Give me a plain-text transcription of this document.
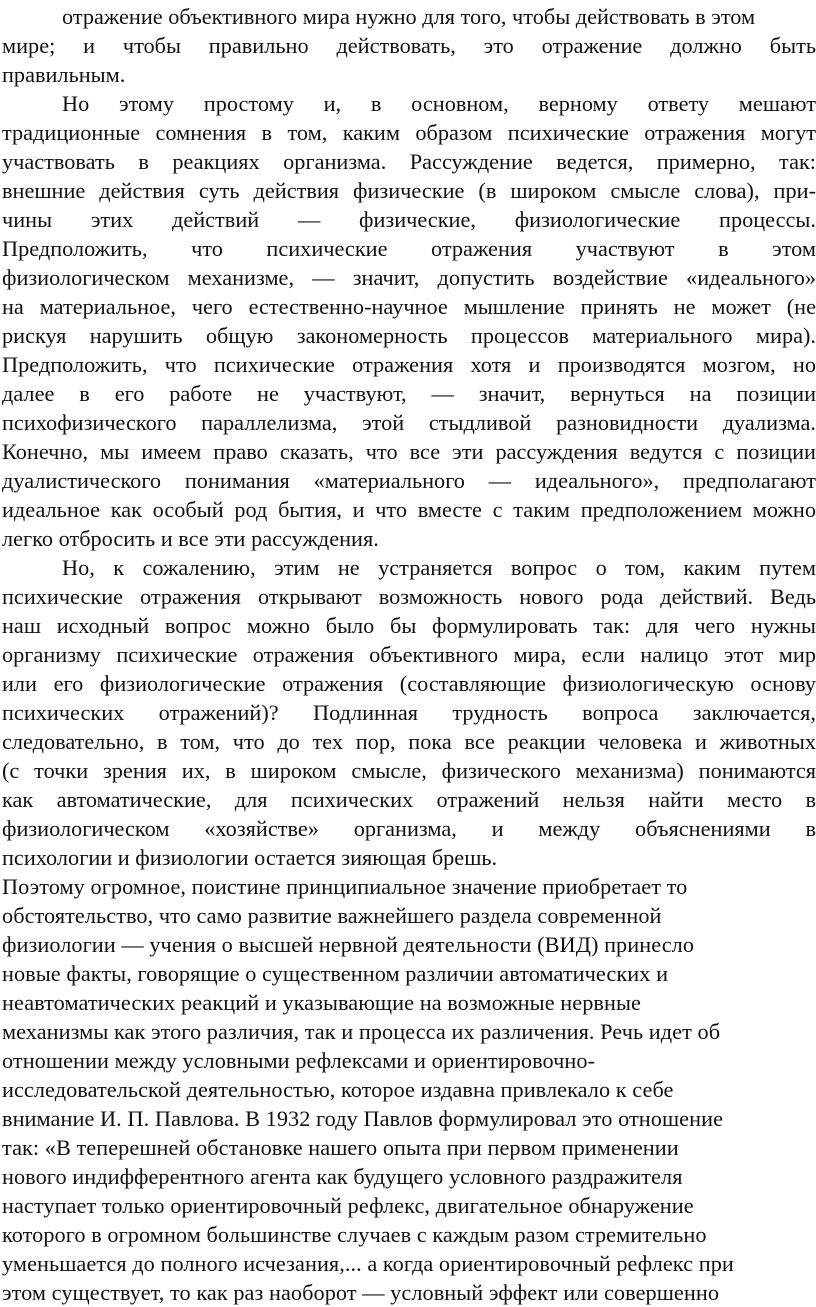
отражение объективного мира нужно для того, чтобы действовать в этом
мире; и чтобы правильно действовать, это отражение должно быть
правильным.
Но этому простому и, в основном, верному ответу мешают
традиционные сомнения в том, каким образом психические отражения могут
участвовать в реакциях организма. Рассуждение ведется, примерно, так:
внешние действия суть действия физические (в широком смысле слова), при-
чины этих действий — физические, физиологические процессы.
Предположить, что психические отражения участвуют в этом
физиологическом механизме, — значит, допустить воздействие «идеального»
на материальное, чего естественно-научное мышление принять не может (не
рискуя нарушить общую закономерность процессов материального мира).
Предположить, что психические отражения хотя и производятся мозгом, но
далее в его работе не участвуют, — значит, вернуться на позиции
психофизического параллелизма, этой стыдливой разновидности дуализма.
Конечно, мы имеем право сказать, что все эти рассуждения ведутся с позиции
дуалистического понимания «материального — идеального», предполагают
идеальное как особый род бытия, и что вместе с таким предположением можно
легко отбросить и все эти рассуждения.
Но, к сожалению, этим не устраняется вопрос о том, каким путем
психические отражения открывают возможность нового рода действий. Ведь
наш исходный вопрос можно было бы формулировать так: для чего нужны
организму психические отражения объективного мира, если налицо этот мир
или его физиологические отражения (составляющие физиологическую основу
психических отражений)? Подлинная трудность вопроса заключается,
следовательно, в том, что до тех пор, пока все реакции человека и животных
(с точки зрения их, в широком смысле, физического механизма) понимаются
как автоматические, для психических отражений нельзя найти место в
физиологическом «хозяйстве» организма, и между объяснениями в
психологии и физиологии остается зияющая брешь.
Поэтому огромное, поистине принципиальное значение приобретает то
обстоятельство, что само развитие важнейшего раздела современной
физиологии — учения о высшей нервной деятельности (ВИД) принесло
новые факты, говорящие о существенном различии автоматических и
неавтоматических реакций и указывающие на возможные нервные
механизмы как этого различия, так и процесса их различения. Речь идет об
отношении между условными рефлексами и ориентировочно-
исследовательской деятельностью, которое издавна привлекало к себе
внимание И. П. Павлова. В 1932 году Павлов формулировал это отношение
так: «В теперешней обстановке нашего опыта при первом применении
нового индифферентного агента как будущего условного раздражителя
наступает только ориентировочный рефлекс, двигательное обнаружение
которого в огромном большинстве случаев с каждым разом стремительно
уменьшается до полного исчезания,... а когда ориентировочный рефлекс при
этом существует, то как раз наоборот — условный эффект или совершенно
